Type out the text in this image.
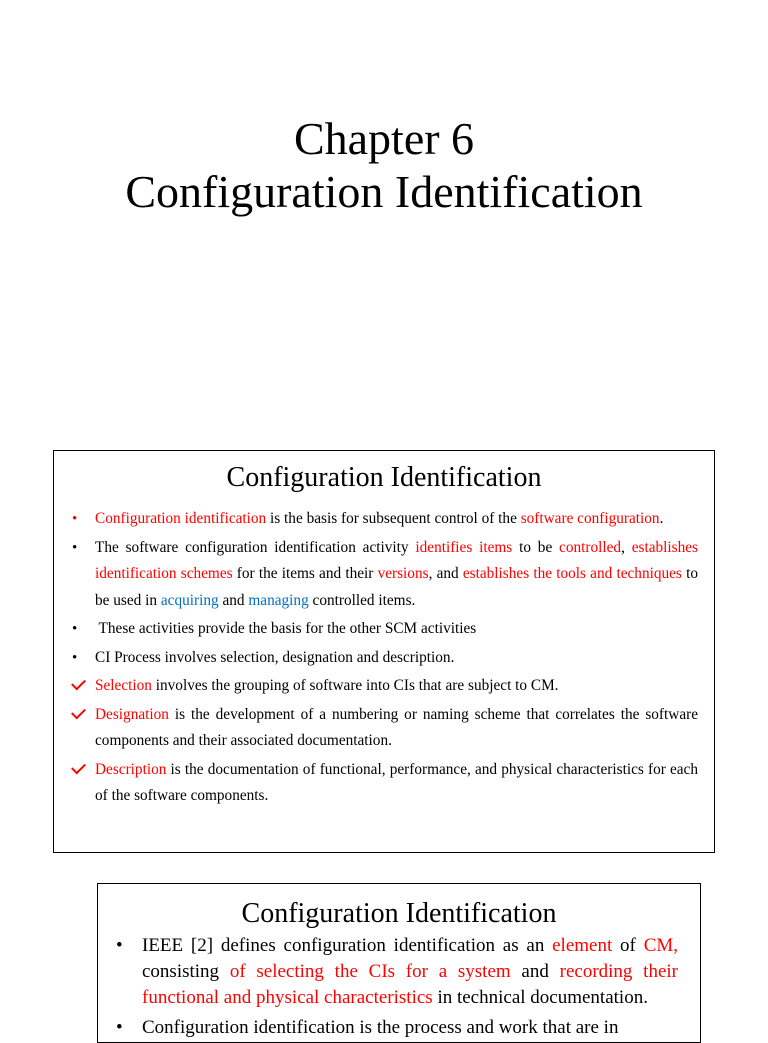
Chapter 6
Configuration Identification
Configuration Identification
•	Configuration identification is the basis for subsequent control of the software configuration.
•	The software configuration identification activity identifies items to be controlled, establishes identification schemes for the items and their versions, and establishes the tools and techniques to be used in acquiring and managing controlled items.
•	These activities provide the basis for the other SCM activities
•	CI Process involves selection, designation and description.
Selection involves the grouping of software into CIs that are subject to CM.
Designation is the development of a numbering or naming scheme that correlates the software components and their associated documentation.
Description is the documentation of functional, performance, and physical characteristics for each of the software components.
Configuration Identification
• IEEE [2] defines configuration identification as an element of CM, consisting of selecting the CIs for a system and recording their functional and physical characteristics in technical documentation.
• Configuration identification is the process and work that are in
